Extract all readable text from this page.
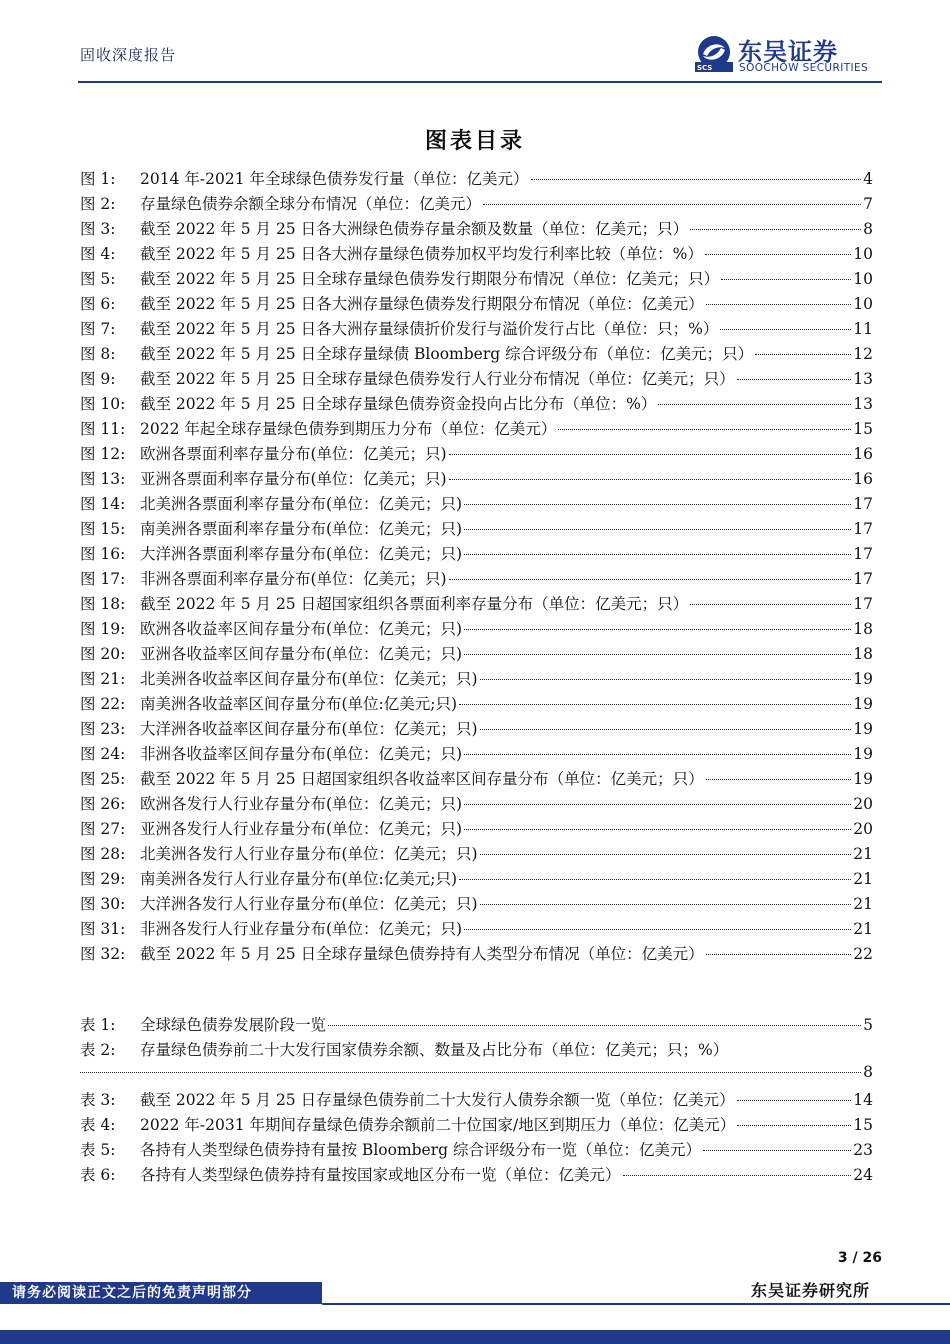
固收深度报告
SCS
东吴证券
SOOCHOW SECURITIES
图表目录
图 1:	2014 年-2021 年全球绿色债券发行量（单位：亿美元）	4
图 2:	存量绿色债券余额全球分布情况（单位：亿美元）	7
图 3:	截至 2022 年 5 月 25 日各大洲绿色债券存量余额及数量（单位：亿美元；只）	8
图 4:	截至 2022 年 5 月 25 日各大洲存量绿色债券加权平均发行利率比较（单位：%）	10
图 5:	截至 2022 年 5 月 25 日全球存量绿色债券发行期限分布情况（单位：亿美元；只）	10
图 6:	截至 2022 年 5 月 25 日各大洲存量绿色债券发行期限分布情况（单位：亿美元）	10
图 7:	截至 2022 年 5 月 25 日各大洲存量绿债折价发行与溢价发行占比（单位：只；%）	11
图 8:	截至 2022 年 5 月 25 日全球存量绿债 Bloomberg 综合评级分布（单位：亿美元；只）	12
图 9:	截至 2022 年 5 月 25 日全球存量绿色债券发行人行业分布情况（单位：亿美元；只）	13
图 10: 截至 2022 年 5 月 25 日全球存量绿色债券资金投向占比分布（单位：%）	13
图 11: 2022 年起全球存量绿色债券到期压力分布（单位：亿美元）	15
图 12: 欧洲各票面利率存量分布(单位：亿美元；只)	16
图 13: 亚洲各票面利率存量分布(单位：亿美元；只)	16
图 14: 北美洲各票面利率存量分布(单位：亿美元；只)	17
图 15: 南美洲各票面利率存量分布(单位：亿美元；只)	17
图 16: 大洋洲各票面利率存量分布(单位：亿美元；只)	17
图 17: 非洲各票面利率存量分布(单位：亿美元；只)	17
图 18: 截至 2022 年 5 月 25 日超国家组织各票面利率存量分布（单位：亿美元；只）	17
图 19: 欧洲各收益率区间存量分布(单位：亿美元；只)	18
图 20: 亚洲各收益率区间存量分布(单位：亿美元；只)	18
图 21: 北美洲各收益率区间存量分布(单位：亿美元；只)	19
图 22: 南美洲各收益率区间存量分布(单位:亿美元;只)	19
图 23: 大洋洲各收益率区间存量分布(单位：亿美元；只)	19
图 24: 非洲各收益率区间存量分布(单位：亿美元；只)	19
图 25: 截至 2022 年 5 月 25 日超国家组织各收益率区间存量分布（单位：亿美元；只）	19
图 26: 欧洲各发行人行业存量分布(单位：亿美元；只)	20
图 27: 亚洲各发行人行业存量分布(单位：亿美元；只)	20
图 28: 北美洲各发行人行业存量分布(单位：亿美元；只)	21
图 29: 南美洲各发行人行业存量分布(单位:亿美元;只)	21
图 30: 大洋洲各发行人行业存量分布(单位：亿美元；只)	21
图 31: 非洲各发行人行业存量分布(单位：亿美元；只)	21
图 32: 截至 2022 年 5 月 25 日全球存量绿色债券持有人类型分布情况（单位：亿美元）	22
表 1:	全球绿色债券发展阶段一览	5
表 2:	存量绿色债券前二十大发行国家债券余额、数量及占比分布（单位：亿美元；只；%）
8
表 3:	截至 2022 年 5 月 25 日存量绿色债券前二十大发行人债券余额一览（单位：亿美元）	14
表 4:	2022 年-2031 年期间存量绿色债券余额前二十位国家/地区到期压力（单位：亿美元）	15
表 5:	各持有人类型绿色债券持有量按 Bloomberg 综合评级分布一览（单位：亿美元）	23
表 6:	各持有人类型绿色债券持有量按国家或地区分布一览（单位：亿美元）	24
3 / 26
请务必阅读正文之后的免责声明部分	东吴证券研究所
